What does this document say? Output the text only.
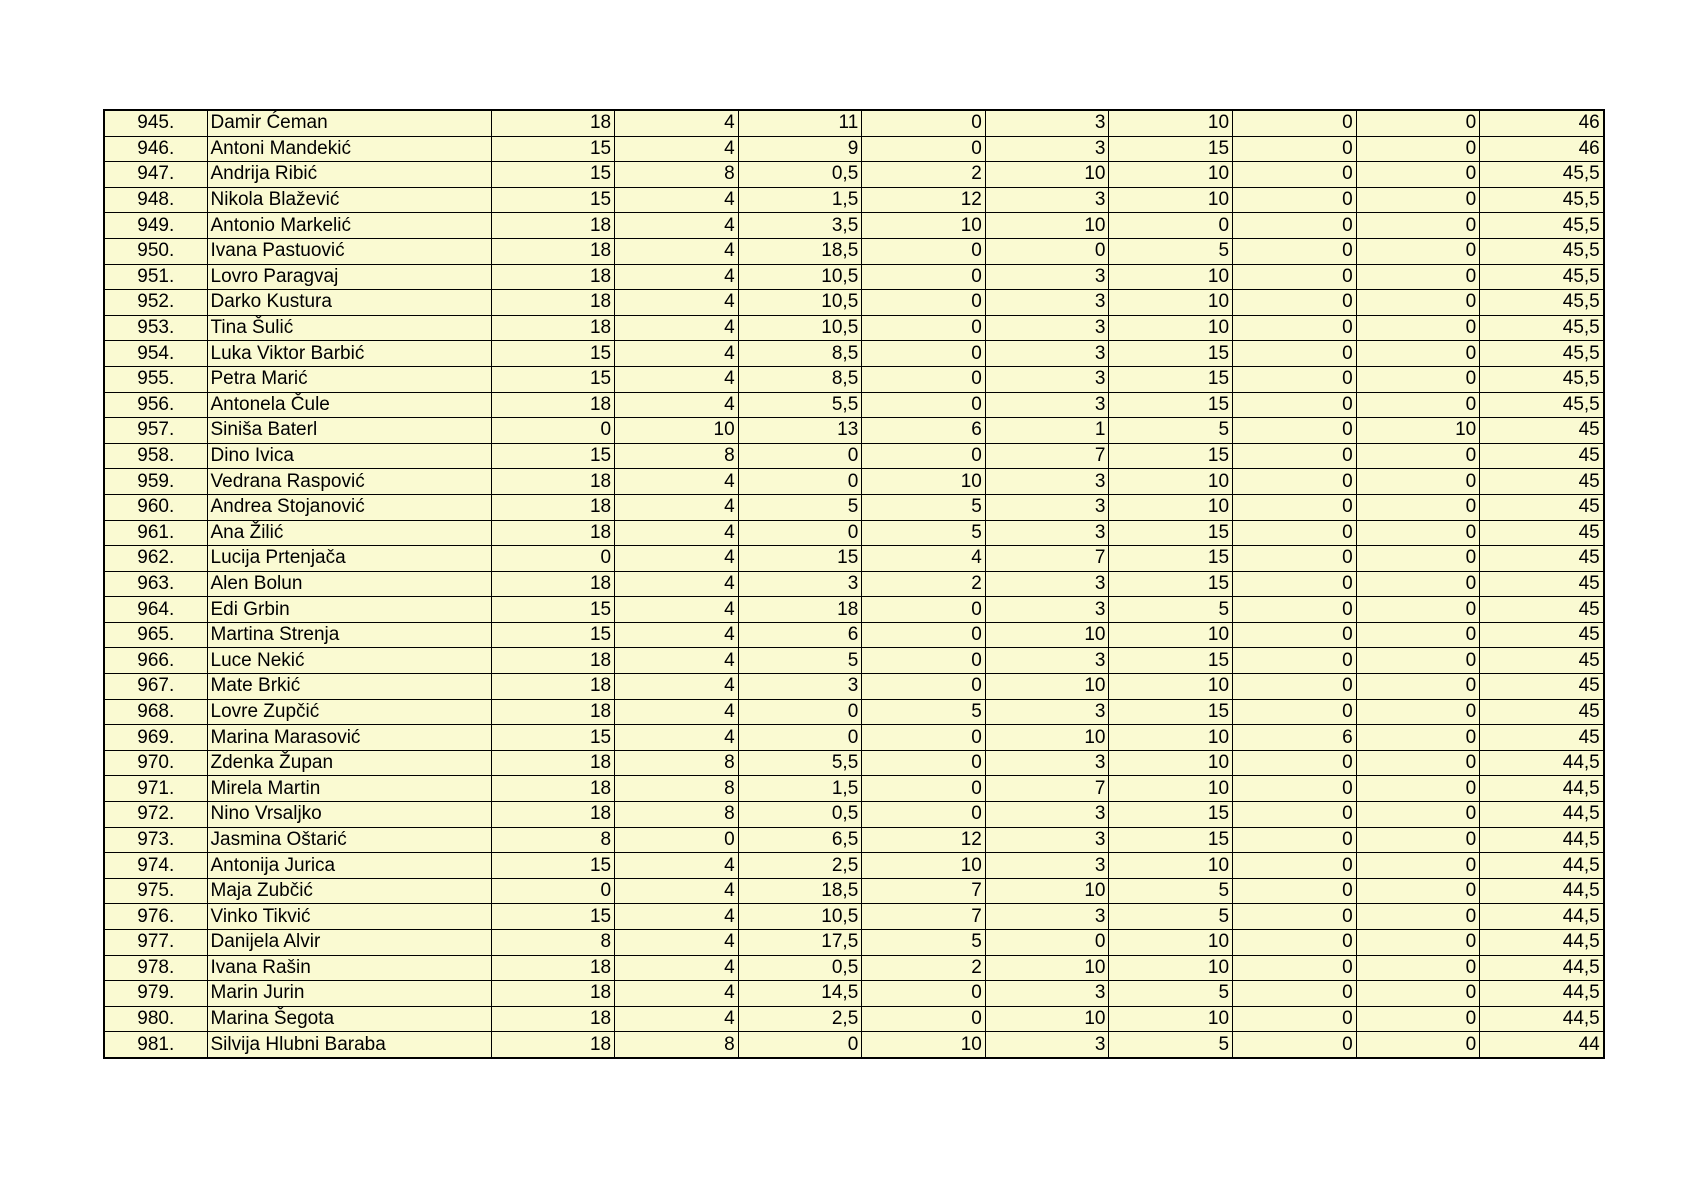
945.	Damir Ćeman	18	4	11	0	3	10	0	0	46
946.	Antoni Mandekić	15	4	9	0	3	15	0	0	46
947.	Andrija Ribić	15	8	0,5	2	10	10	0	0	45,5
948.	Nikola Blažević	15	4	1,5	12	3	10	0	0	45,5
949.	Antonio Markelić	18	4	3,5	10	10	0	0	0	45,5
950.	Ivana Pastuović	18	4	18,5	0	0	5	0	0	45,5
951.	Lovro Paragvaj	18	4	10,5	0	3	10	0	0	45,5
952.	Darko Kustura	18	4	10,5	0	3	10	0	0	45,5
953.	Tina Šulić	18	4	10,5	0	3	10	0	0	45,5
954.	Luka Viktor Barbić	15	4	8,5	0	3	15	0	0	45,5
955.	Petra Marić	15	4	8,5	0	3	15	0	0	45,5
956.	Antonela Čule	18	4	5,5	0	3	15	0	0	45,5
957.	Siniša Baterl	0	10	13	6	1	5	0	10	45
958.	Dino Ivica	15	8	0	0	7	15	0	0	45
959.	Vedrana Raspović	18	4	0	10	3	10	0	0	45
960.	Andrea Stojanović	18	4	5	5	3	10	0	0	45
961.	Ana Žilić	18	4	0	5	3	15	0	0	45
962.	Lucija Prtenjača	0	4	15	4	7	15	0	0	45
963.	Alen Bolun	18	4	3	2	3	15	0	0	45
964.	Edi Grbin	15	4	18	0	3	5	0	0	45
965.	Martina Strenja	15	4	6	0	10	10	0	0	45
966.	Luce Nekić	18	4	5	0	3	15	0	0	45
967.	Mate Brkić	18	4	3	0	10	10	0	0	45
968.	Lovre Zupčić	18	4	0	5	3	15	0	0	45
969.	Marina Marasović	15	4	0	0	10	10	6	0	45
970.	Zdenka Župan	18	8	5,5	0	3	10	0	0	44,5
971.	Mirela Martin	18	8	1,5	0	7	10	0	0	44,5
972.	Nino Vrsaljko	18	8	0,5	0	3	15	0	0	44,5
973.	Jasmina Oštarić	8	0	6,5	12	3	15	0	0	44,5
974.	Antonija Jurica	15	4	2,5	10	3	10	0	0	44,5
975.	Maja Zubčić	0	4	18,5	7	10	5	0	0	44,5
976.	Vinko Tikvić	15	4	10,5	7	3	5	0	0	44,5
977.	Danijela Alvir	8	4	17,5	5	0	10	0	0	44,5
978.	Ivana Rašin	18	4	0,5	2	10	10	0	0	44,5
979.	Marin Jurin	18	4	14,5	0	3	5	0	0	44,5
980.	Marina Šegota	18	4	2,5	0	10	10	0	0	44,5
981.	Silvija Hlubni Baraba	18	8	0	10	3	5	0	0	44
